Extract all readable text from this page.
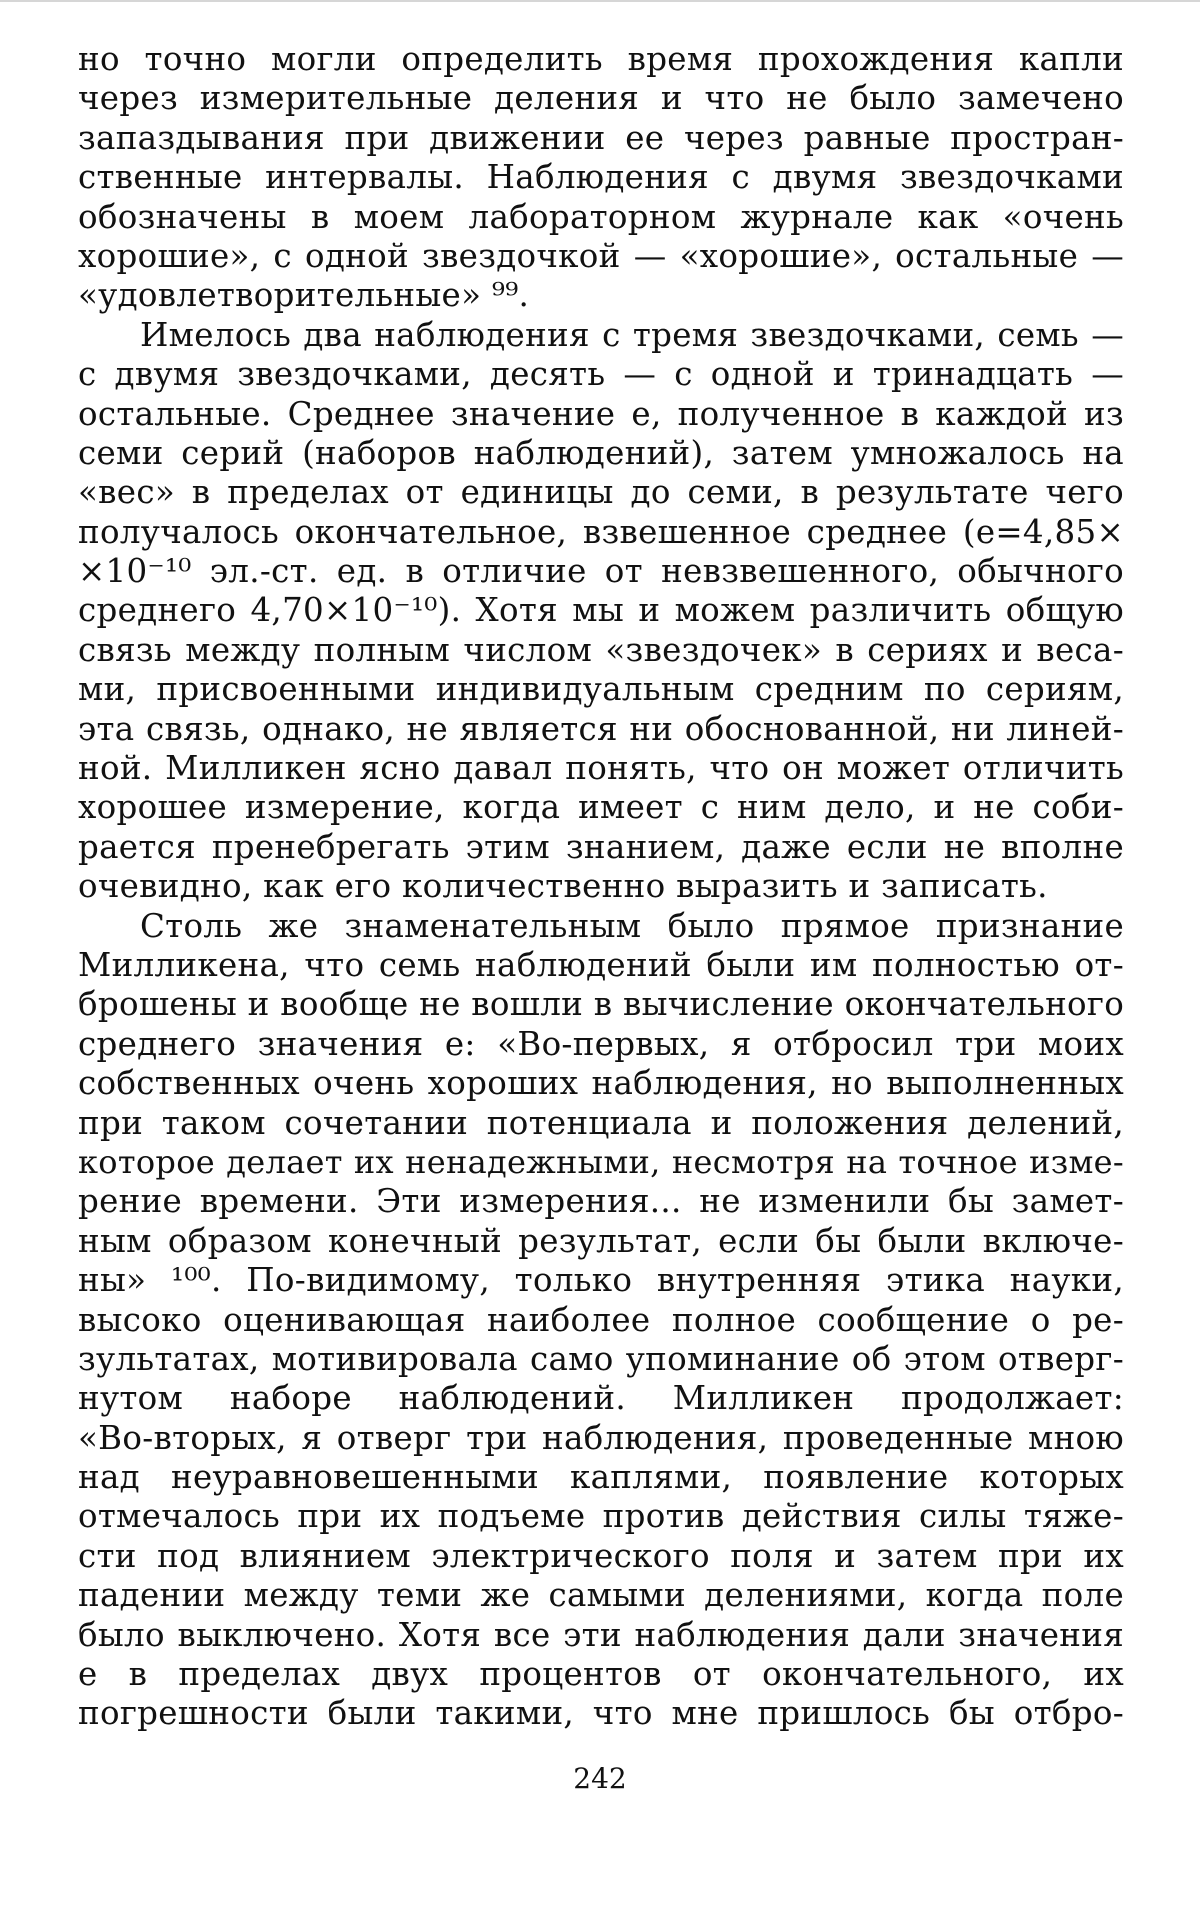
но точно могли определить время прохождения капли
через измерительные деления и что не было замечено
запаздывания при движении ее через равные простран-
ственные интервалы. Наблюдения с двумя звездочками
обозначены в моем лабораторном журнале как «очень
хорошие», с одной звездочкой — «хорошие», остальные —
«удовлетворительные» ⁹⁹.
Имелось два наблюдения с тремя звездочками, семь —
с двумя звездочками, десять — с одной и тринадцать —
остальные. Среднее значение e, полученное в каждой из
семи серий (наборов наблюдений), затем умножалось на
«вес» в пределах от единицы до семи, в результате чего
получалось окончательное, взвешенное среднее (e=4,85×
×10⁻¹⁰ эл.-ст. ед. в отличие от невзвешенного, обычного
среднего 4,70×10⁻¹⁰). Хотя мы и можем различить общую
связь между полным числом «звездочек» в сериях и веса-
ми, присвоенными индивидуальным средним по сериям,
эта связь, однако, не является ни обоснованной, ни линей-
ной. Милликен ясно давал понять, что он может отличить
хорошее измерение, когда имеет с ним дело, и не соби-
рается пренебрегать этим знанием, даже если не вполне
очевидно, как его количественно выразить и записать.
Столь же знаменательным было прямое признание
Милликена, что семь наблюдений были им полностью от-
брошены и вообще не вошли в вычисление окончательного
среднего значения e: «Во-первых, я отбросил три моих
собственных очень хороших наблюдения, но выполненных
при таком сочетании потенциала и положения делений,
которое делает их ненадежными, несмотря на точное изме-
рение времени. Эти измерения... не изменили бы замет-
ным образом конечный результат, если бы были включе-
ны» ¹⁰⁰. По-видимому, только внутренняя этика науки,
высоко оценивающая наиболее полное сообщение о ре-
зультатах, мотивировала само упоминание об этом отверг-
нутом наборе наблюдений. Милликен продолжает:
«Во-вторых, я отверг три наблюдения, проведенные мною
над неуравновешенными каплями, появление которых
отмечалось при их подъеме против действия силы тяже-
сти под влиянием электрического поля и затем при их
падении между теми же самыми делениями, когда поле
было выключено. Хотя все эти наблюдения дали значения
e в пределах двух процентов от окончательного, их
погрешности были такими, что мне пришлось бы отбро-
242
